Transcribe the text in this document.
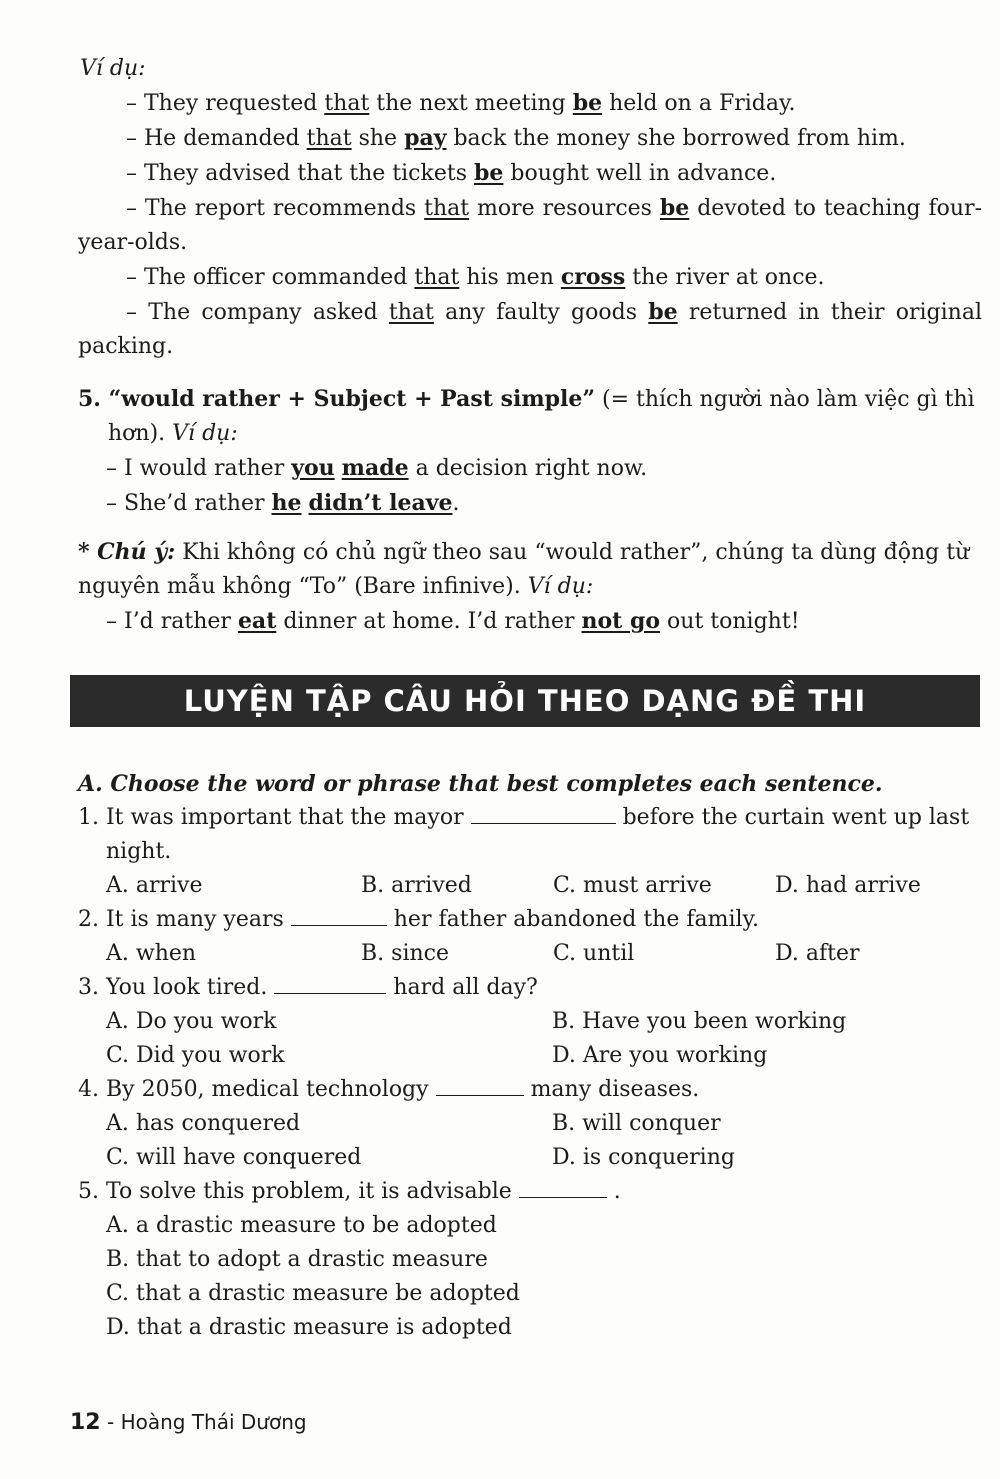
Ví dụ:

– They requested that the next meeting be held on a Friday.

– He demanded that she pay back the money she borrowed from him.

– They advised that the tickets be bought well in advance.

– The report recommends that more resources be devoted to teaching four-year-olds.

– The officer commanded that his men cross the river at once.

– The company asked that any faulty goods be returned in their original packing.

5. “would rather + Subject + Past simple” (= thích người nào làm việc gì thì hơn). Ví dụ:

– I would rather you made a decision right now.

– She’d rather he didn’t leave.

* Chú ý: Khi không có chủ ngữ theo sau “would rather”, chúng ta dùng động từ nguyên mẫu không “To” (Bare infinive). Ví dụ:

– I’d rather eat dinner at home. I’d rather not go out tonight!

LUYỆN TẬP CÂU HỎI THEO DẠNG ĐỀ THI

A. Choose the word or phrase that best completes each sentence.

1. It was important that the mayor	before the curtain went up last night.

A. arrive	B. arrived	C. must arrive	D. had arrive

2. It is many years	her father abandoned the family.

A. when	B. since	C. until	D. after

3. You look tired.	hard all day?

A. Do you work	B. Have you been working
C. Did you work	D. Are you working

4. By 2050, medical technology	many diseases.

A. has conquered	B. will conquer
C. will have conquered	D. is conquering

5. To solve this problem, it is advisable	.

A. a drastic measure to be adopted
B. that to adopt a drastic measure
C. that a drastic measure be adopted
D. that a drastic measure is adopted
12 - Hoàng Thái Dương
